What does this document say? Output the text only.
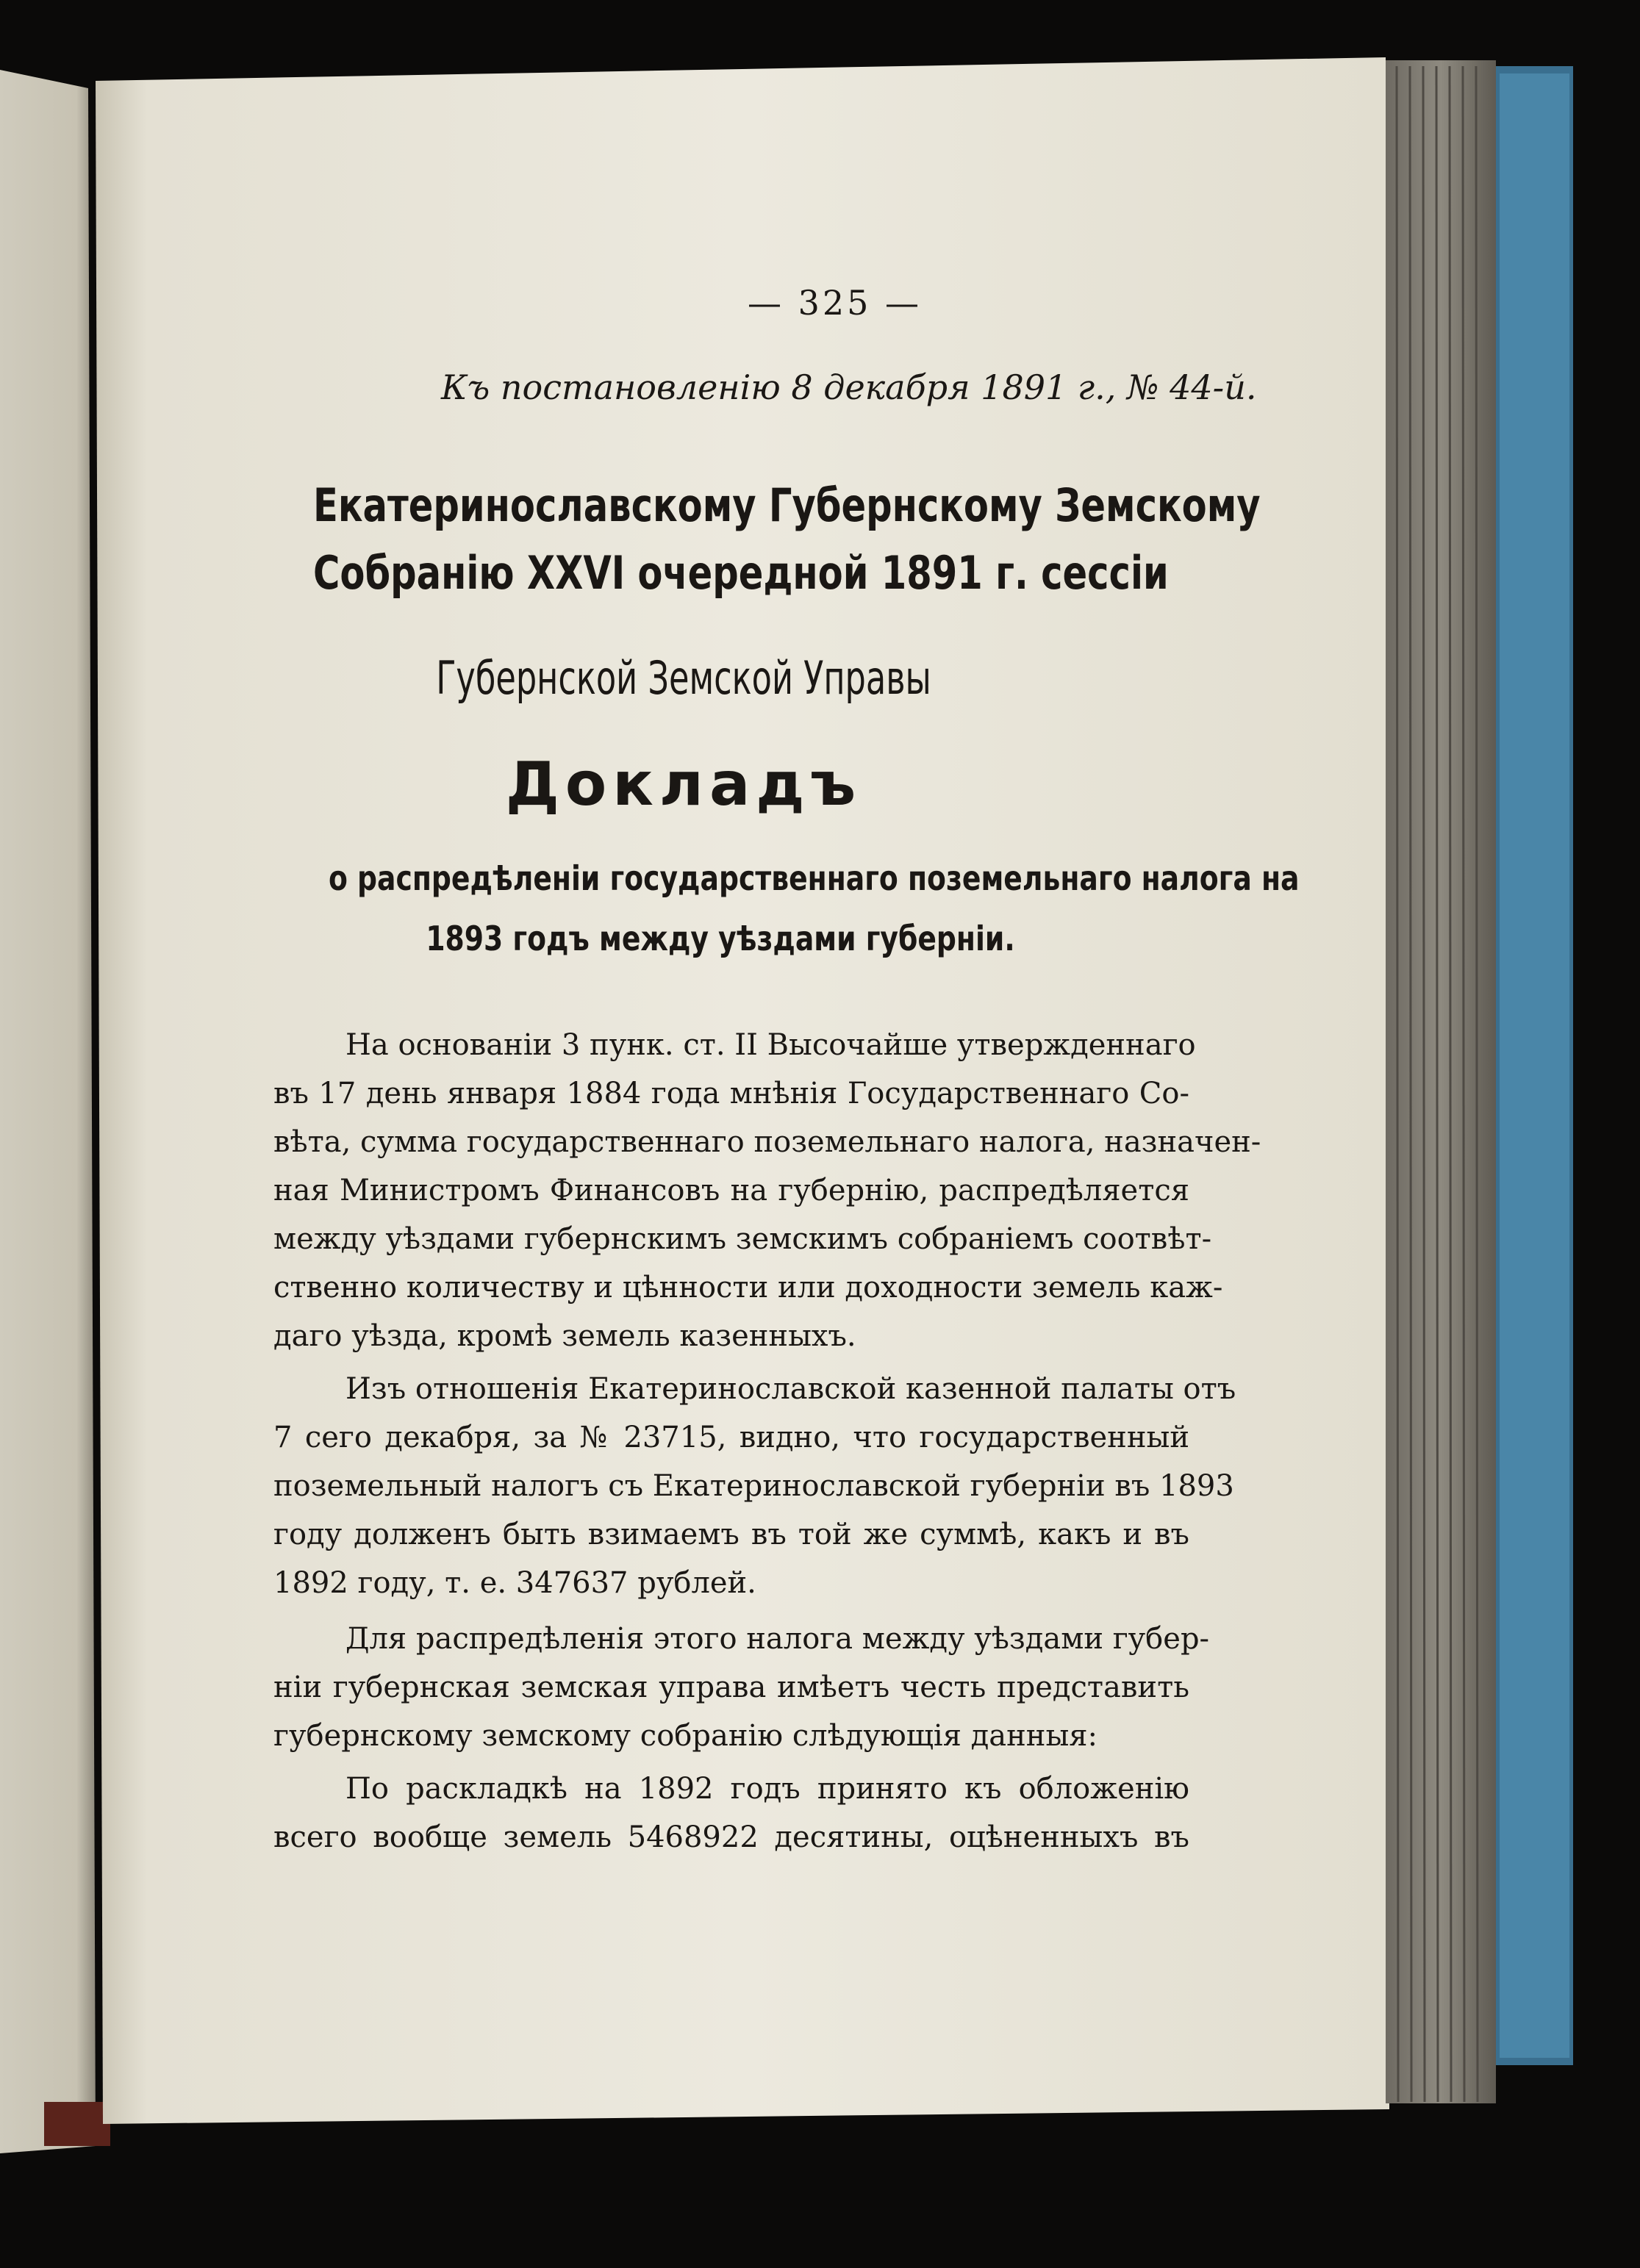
— 325 —
Къ постановленію 8 декабря 1891 г., № 44-й.
Екатеринославскому Губернскому Земскому
Собранію XXVI очередной 1891 г. сессіи
Губернской Земской Управы
Докладъ
о распредѣленіи государственнаго поземельнаго налога на
1893 годъ между уѣздами губерніи.
На основаніи 3 пунк. ст. II Высочайше утвержденнаго
въ 17 день января 1884 года мнѣнія Государственнаго Со-
вѣта, сумма государственнаго поземельнаго налога, назначен-
ная Министромъ Финансовъ на губернію, распредѣляется
между уѣздами губернскимъ земскимъ собраніемъ соотвѣт-
ственно количеству и цѣнности или доходности земель каж-
даго уѣзда, кромѣ земель казенныхъ.
Изъ отношенія Екатеринославской казенной палаты отъ
7 сего декабря, за № 23715, видно, что государственный
поземельный налогъ съ Екатеринославской губерніи въ 1893
году долженъ быть взимаемъ въ той же суммѣ, какъ и въ
1892 году, т. е. 347637 рублей.
Для распредѣленія этого налога между уѣздами губер-
ніи губернская земская управа имѣетъ честь представить
губернскому земскому собранію слѣдующія данныя:
По раскладкѣ на 1892 годъ принято къ обложенію
всего вообще земель 5468922 десятины, оцѣненныхъ въ
